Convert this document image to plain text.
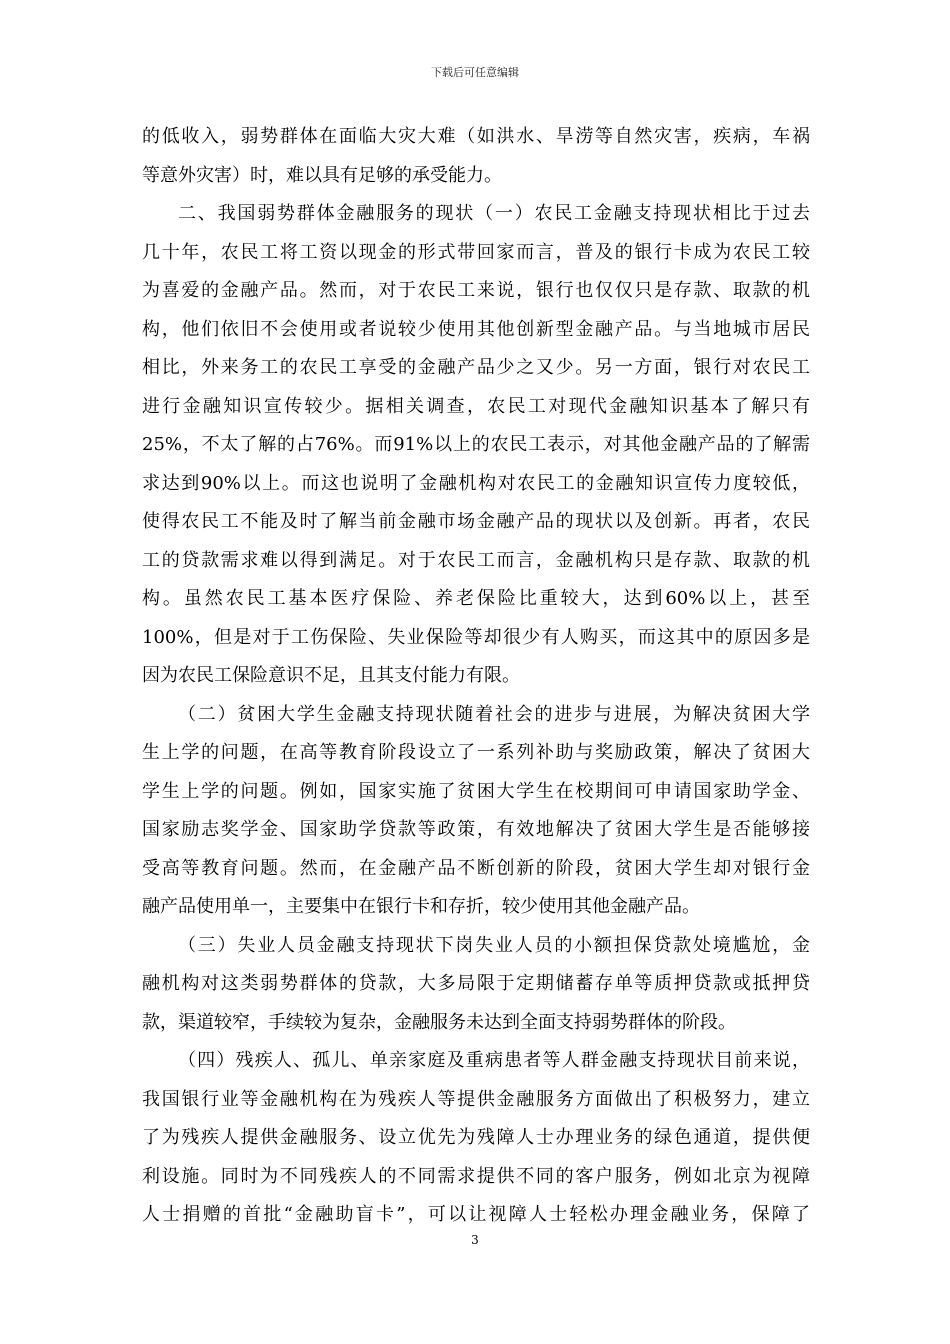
下载后可任意编辑
的低收入，弱势群体在面临大灾大难（如洪水、旱涝等自然灾害，疾病，车祸
等意外灾害）时，难以具有足够的承受能力。
二、我国弱势群体金融服务的现状（一）农民工金融支持现状相比于过去
几十年，农民工将工资以现金的形式带回家而言，普及的银行卡成为农民工较
为喜爱的金融产品。然而，对于农民工来说，银行也仅仅只是存款、取款的机
构，他们依旧不会使用或者说较少使用其他创新型金融产品。与当地城市居民
相比，外来务工的农民工享受的金融产品少之又少。另一方面，银行对农民工
进行金融知识宣传较少。据相关调查，农民工对现代金融知识基本了解只有
25%，不太了解的占76%。而91%以上的农民工表示，对其他金融产品的了解需
求达到90%以上。而这也说明了金融机构对农民工的金融知识宣传力度较低，
使得农民工不能及时了解当前金融市场金融产品的现状以及创新。再者，农民
工的贷款需求难以得到满足。对于农民工而言，金融机构只是存款、取款的机
构。虽然农民工基本医疗保险、养老保险比重较大，达到60%以上，甚至
100%，但是对于工伤保险、失业保险等却很少有人购买，而这其中的原因多是
因为农民工保险意识不足，且其支付能力有限。
（二）贫困大学生金融支持现状随着社会的进步与进展，为解决贫困大学
生上学的问题，在高等教育阶段设立了一系列补助与奖励政策，解决了贫困大
学生上学的问题。例如，国家实施了贫困大学生在校期间可申请国家助学金、
国家励志奖学金、国家助学贷款等政策，有效地解决了贫困大学生是否能够接
受高等教育问题。然而，在金融产品不断创新的阶段，贫困大学生却对银行金
融产品使用单一，主要集中在银行卡和存折，较少使用其他金融产品。
（三）失业人员金融支持现状下岗失业人员的小额担保贷款处境尴尬，金
融机构对这类弱势群体的贷款，大多局限于定期储蓄存单等质押贷款或抵押贷
款，渠道较窄，手续较为复杂，金融服务未达到全面支持弱势群体的阶段。
（四）残疾人、孤儿、单亲家庭及重病患者等人群金融支持现状目前来说，
我国银行业等金融机构在为残疾人等提供金融服务方面做出了积极努力，建立
了为残疾人提供金融服务、设立优先为残障人士办理业务的绿色通道，提供便
利设施。同时为不同残疾人的不同需求提供不同的客户服务，例如北京为视障
人士捐赠的首批“金融助盲卡”，可以让视障人士轻松办理金融业务，保障了
3
